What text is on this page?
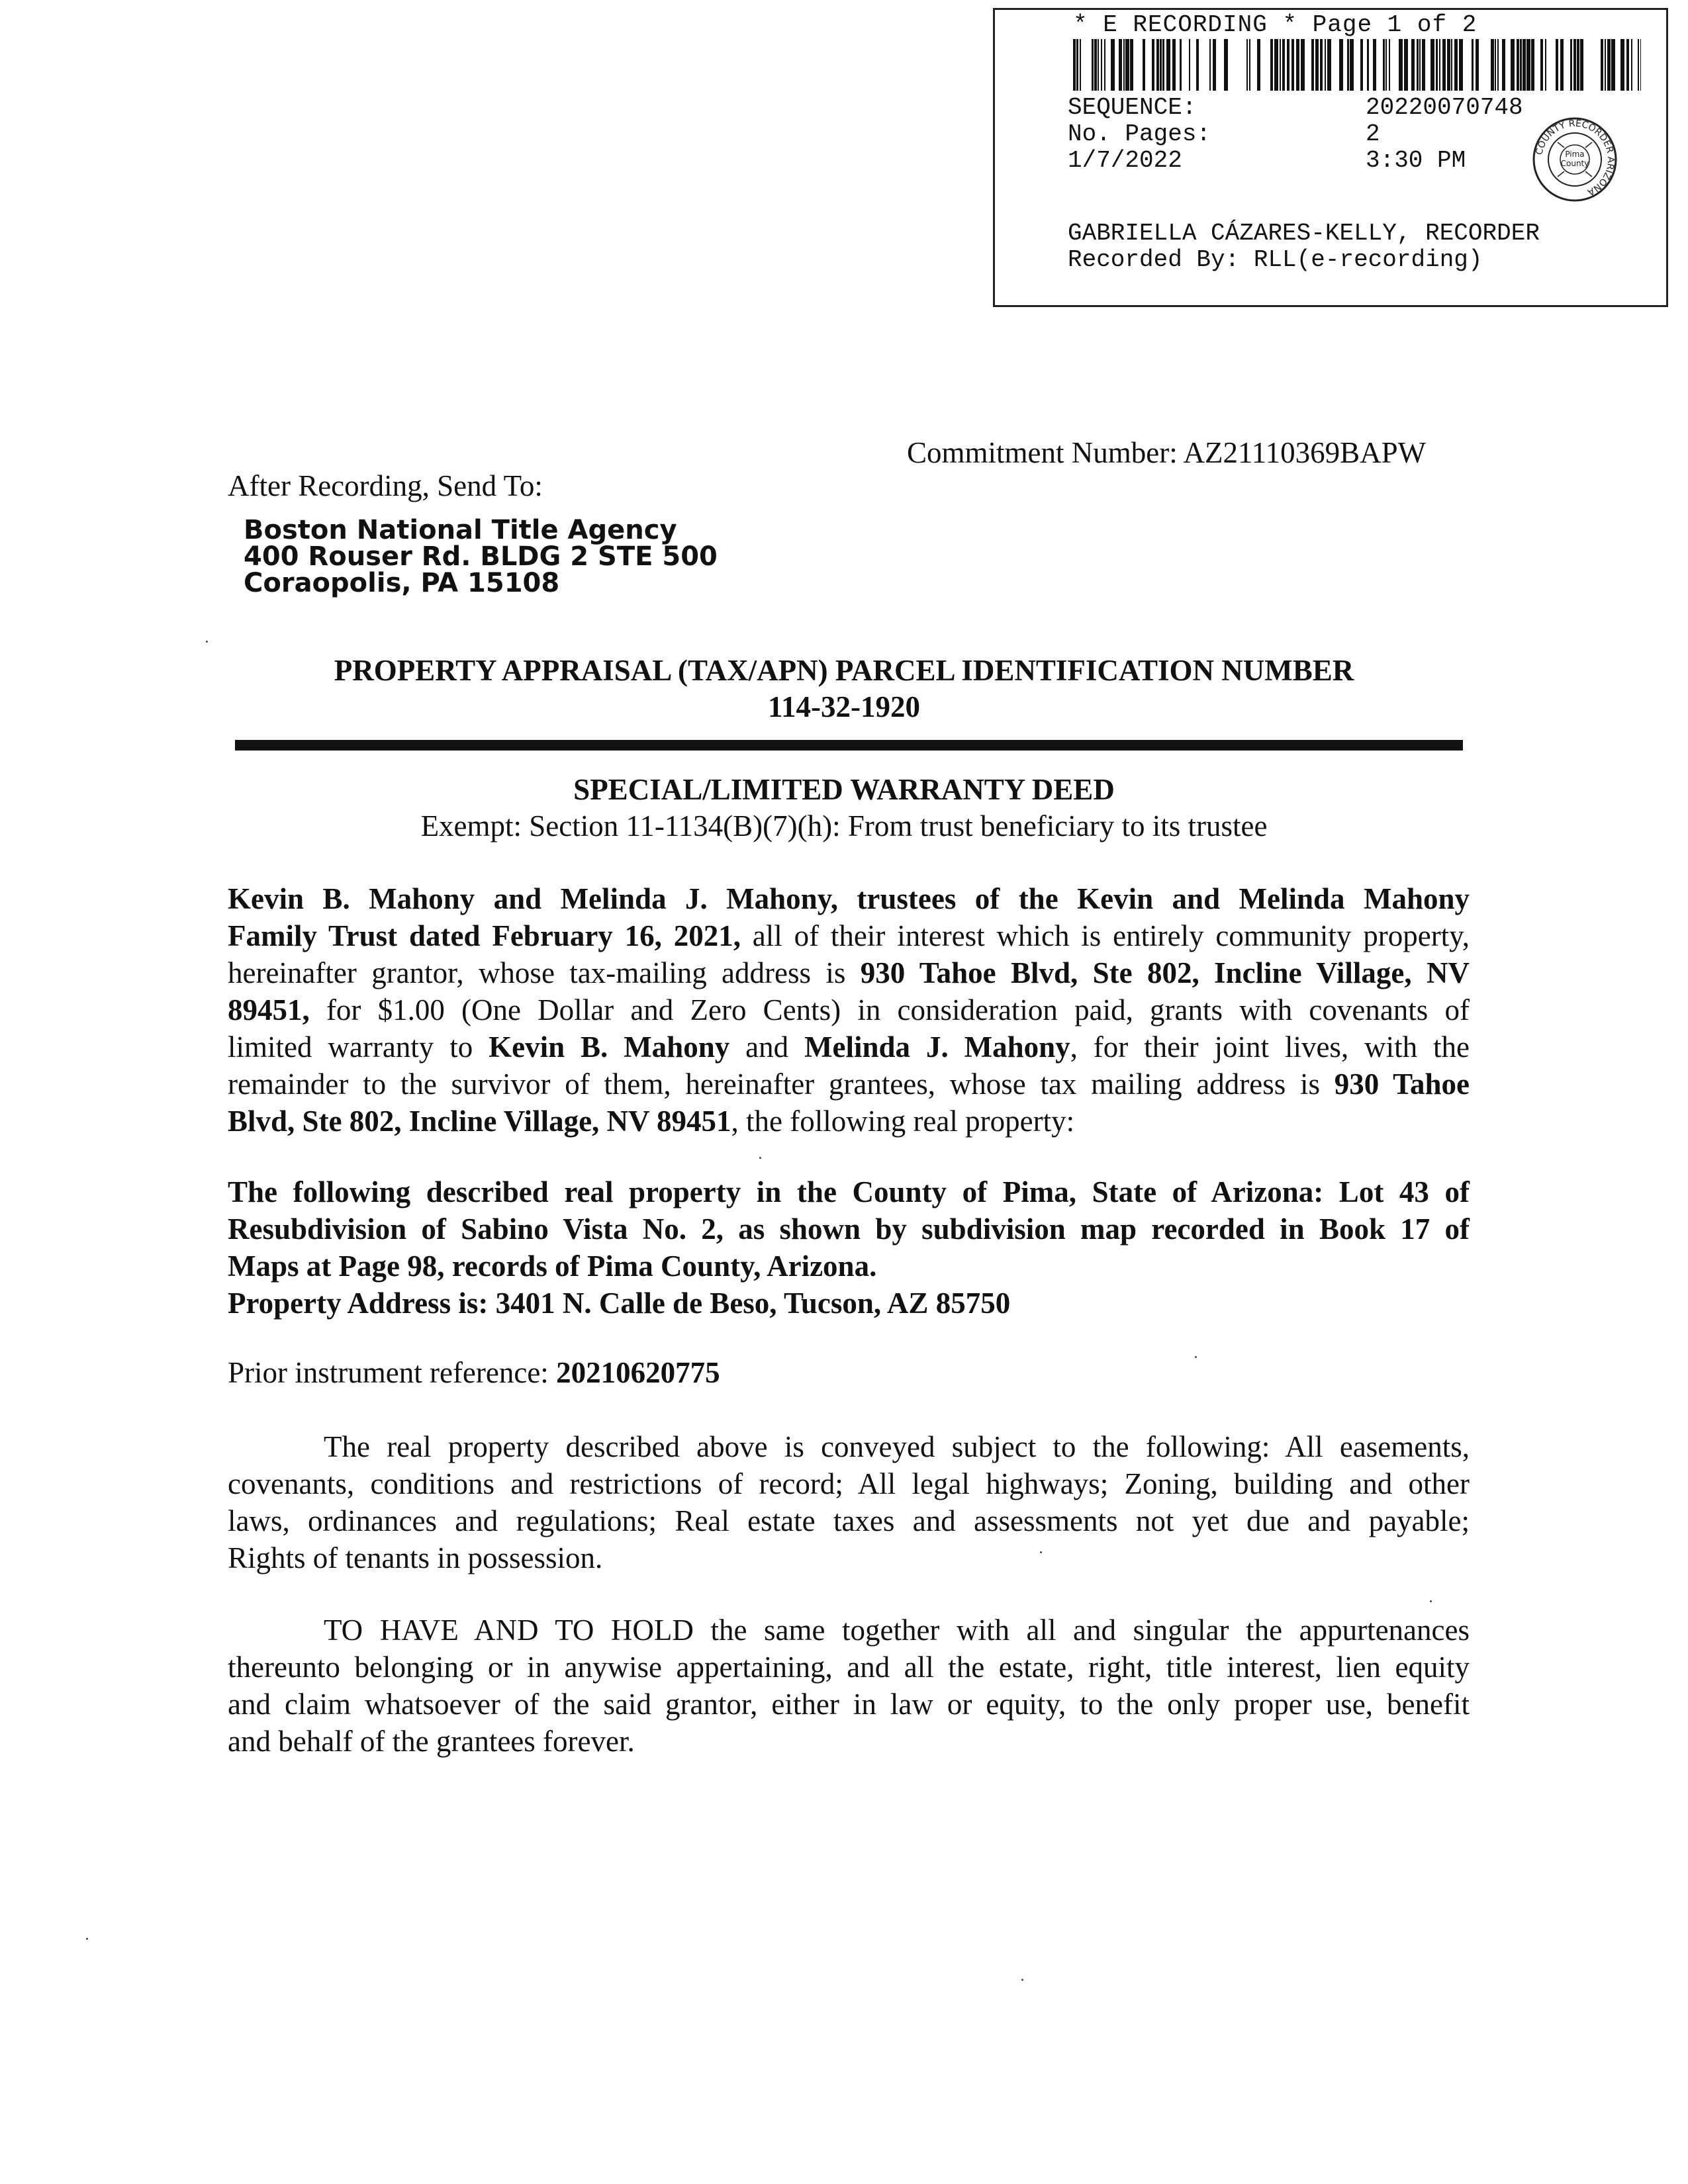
* E RECORDING * Page 1 of 2
SEQUENCE:	20220070748
No. Pages:	2
1/7/2022	3:30 PM	Pima
County
COUNTY RECORDER ARIZONA
GABRIELLA CÁZARES-KELLY, RECORDER
Recorded By: RLL(e-recording)
Commitment Number: AZ21110369BAPW
After Recording, Send To:
Boston National Title Agency
400 Rouser Rd. BLDG 2 STE 500
Coraopolis, PA 15108
PROPERTY APPRAISAL (TAX/APN) PARCEL IDENTIFICATION NUMBER
114-32-1920
SPECIAL/LIMITED WARRANTY DEED
Exempt: Section 11-1134(B)(7)(h): From trust beneficiary to its trustee
Kevin B. Mahony and Melinda J. Mahony, trustees of the Kevin and Melinda Mahony
Family Trust dated February 16, 2021, all of their interest which is entirely community property,
hereinafter grantor, whose tax-mailing address is 930 Tahoe Blvd, Ste 802, Incline Village, NV
89451, for $1.00 (One Dollar and Zero Cents) in consideration paid, grants with covenants of
limited warranty to Kevin B. Mahony and Melinda J. Mahony, for their joint lives, with the
remainder to the survivor of them, hereinafter grantees, whose tax mailing address is 930 Tahoe
Blvd, Ste 802, Incline Village, NV 89451, the following real property:
The following described real property in the County of Pima, State of Arizona: Lot 43 of
Resubdivision of Sabino Vista No. 2, as shown by subdivision map recorded in Book 17 of
Maps at Page 98, records of Pima County, Arizona.
Property Address is: 3401 N. Calle de Beso, Tucson, AZ 85750
Prior instrument reference: 20210620775
The real property described above is conveyed subject to the following: All easements,
covenants, conditions and restrictions of record; All legal highways; Zoning, building and other
laws, ordinances and regulations; Real estate taxes and assessments not yet due and payable;
Rights of tenants in possession.
TO HAVE AND TO HOLD the same together with all and singular the appurtenances
thereunto belonging or in anywise appertaining, and all the estate, right, title interest, lien equity
and claim whatsoever of the said grantor, either in law or equity, to the only proper use, benefit
and behalf of the grantees forever.
